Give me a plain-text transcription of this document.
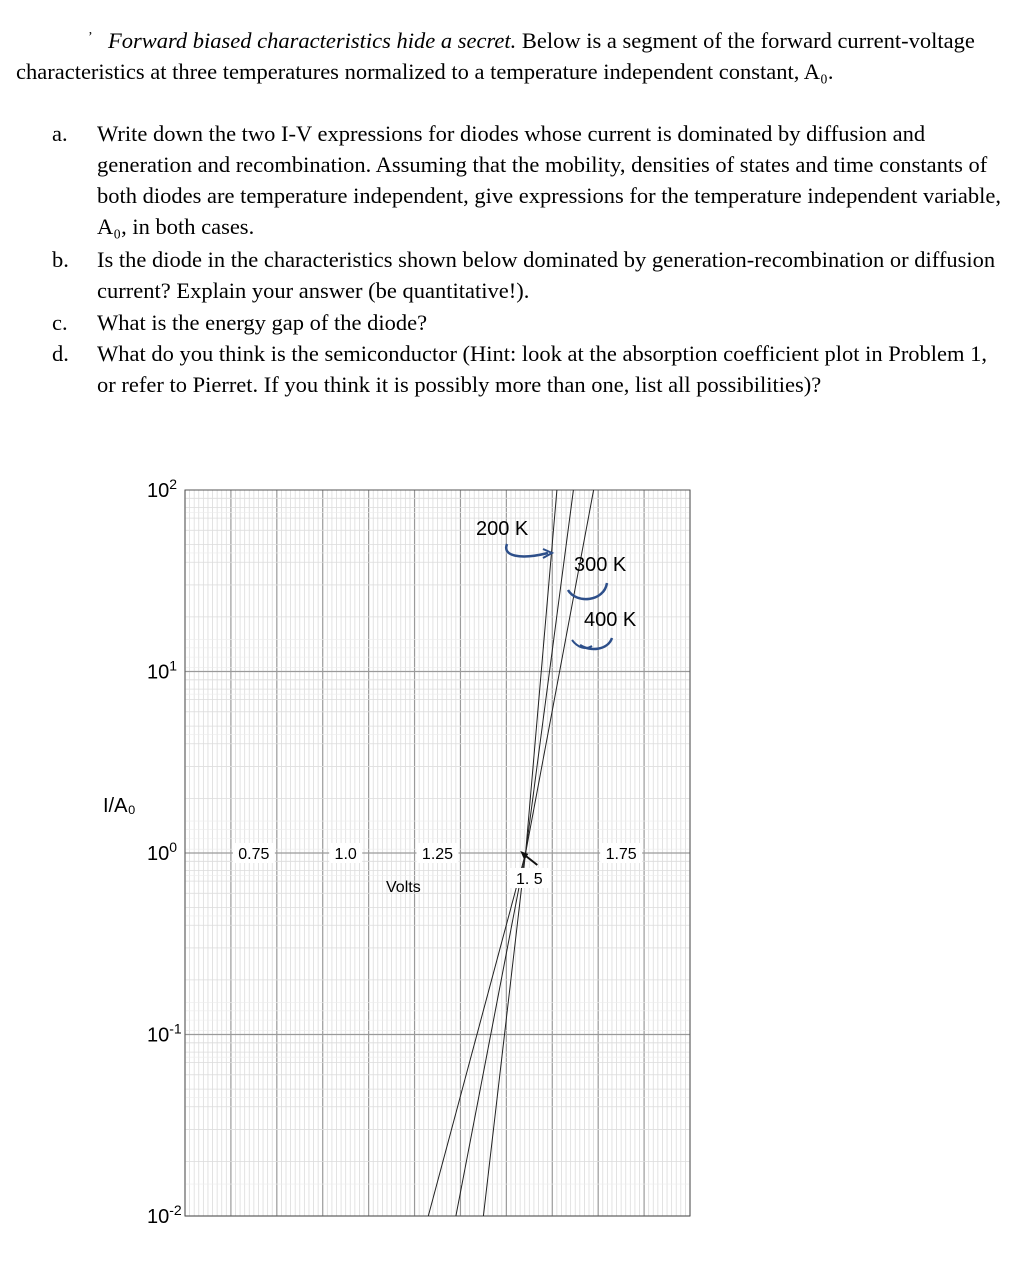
’ Forward biased characteristics hide a secret. Below is a segment of the forward current-voltage characteristics at three temperatures normalized to a temperature independent constant, A₀.
a.	Write down the two I-V expressions for diodes whose current is dominated by diffusion and generation and recombination. Assuming that the mobility, densities of states and time constants of both diodes are temperature independent, give expressions for the temperature independent variable, A₀, in both cases.
b.	Is the diode in the characteristics shown below dominated by generation-recombination or diffusion current? Explain your answer (be quantitative!).
c.	What is the energy gap of the diode?
d.	What do you think is the semiconductor (Hint: look at the absorption coefficient plot in Problem 1, or refer to Pierret. If you think it is possibly more than one, list all possibilities)?
$10^2$
$10^1$
$10^0$
$10^{-1}$
$10^{-2}$
0.75	1.0	1.25
1. 5
1.75
I/A₀
Volts
200 K
300 K
400 K
